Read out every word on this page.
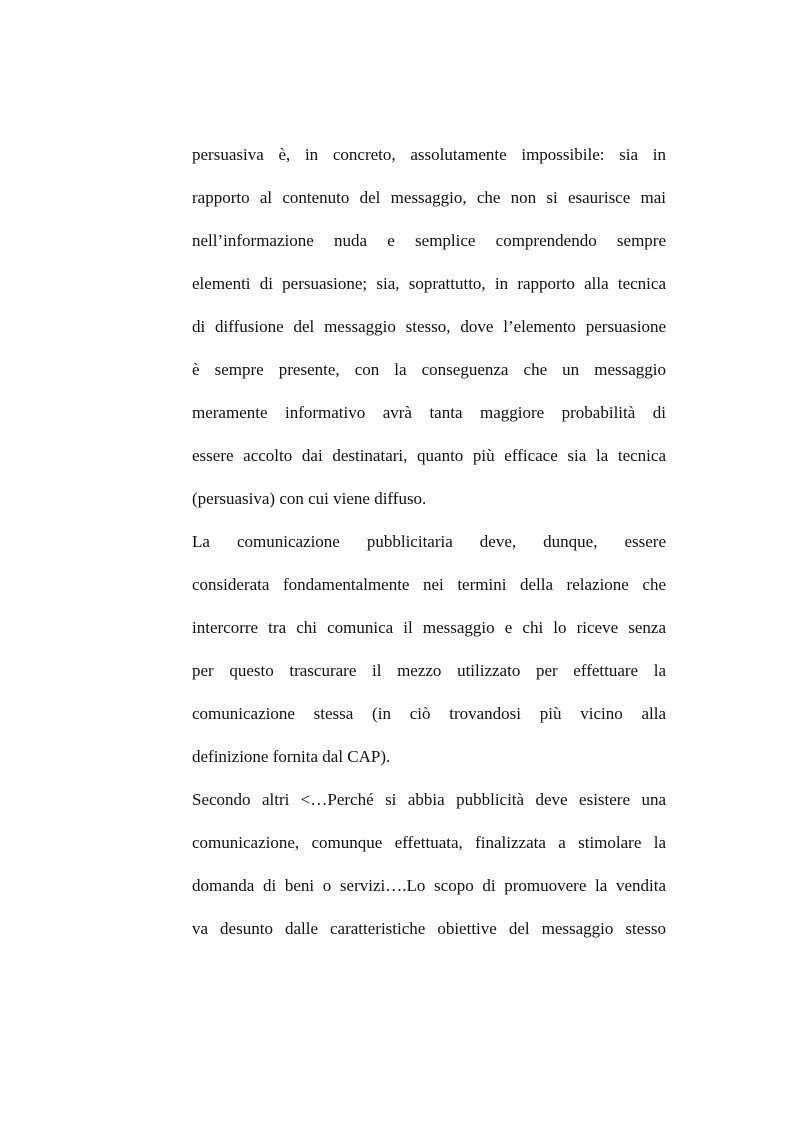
persuasiva è, in concreto, assolutamente impossibile: sia in
rapporto al contenuto del messaggio, che non si esaurisce mai
nell’informazione nuda e semplice comprendendo sempre
elementi di persuasione; sia, soprattutto, in rapporto alla tecnica
di diffusione del messaggio stesso, dove l’elemento persuasione
è sempre presente, con la conseguenza che un messaggio
meramente informativo avrà tanta maggiore probabilità di
essere accolto dai destinatari, quanto più efficace sia la tecnica
(persuasiva) con cui viene diffuso.
La comunicazione pubblicitaria deve, dunque, essere
considerata fondamentalmente nei termini della relazione che
intercorre tra chi comunica il messaggio e chi lo riceve senza
per questo trascurare il mezzo utilizzato per effettuare la
comunicazione stessa (in ciò trovandosi più vicino alla
definizione fornita dal CAP).
Secondo altri <…Perché si abbia pubblicità deve esistere una
comunicazione, comunque effettuata, finalizzata a stimolare la
domanda di beni o servizi….Lo scopo di promuovere la vendita
va desunto dalle caratteristiche obiettive del messaggio stesso
